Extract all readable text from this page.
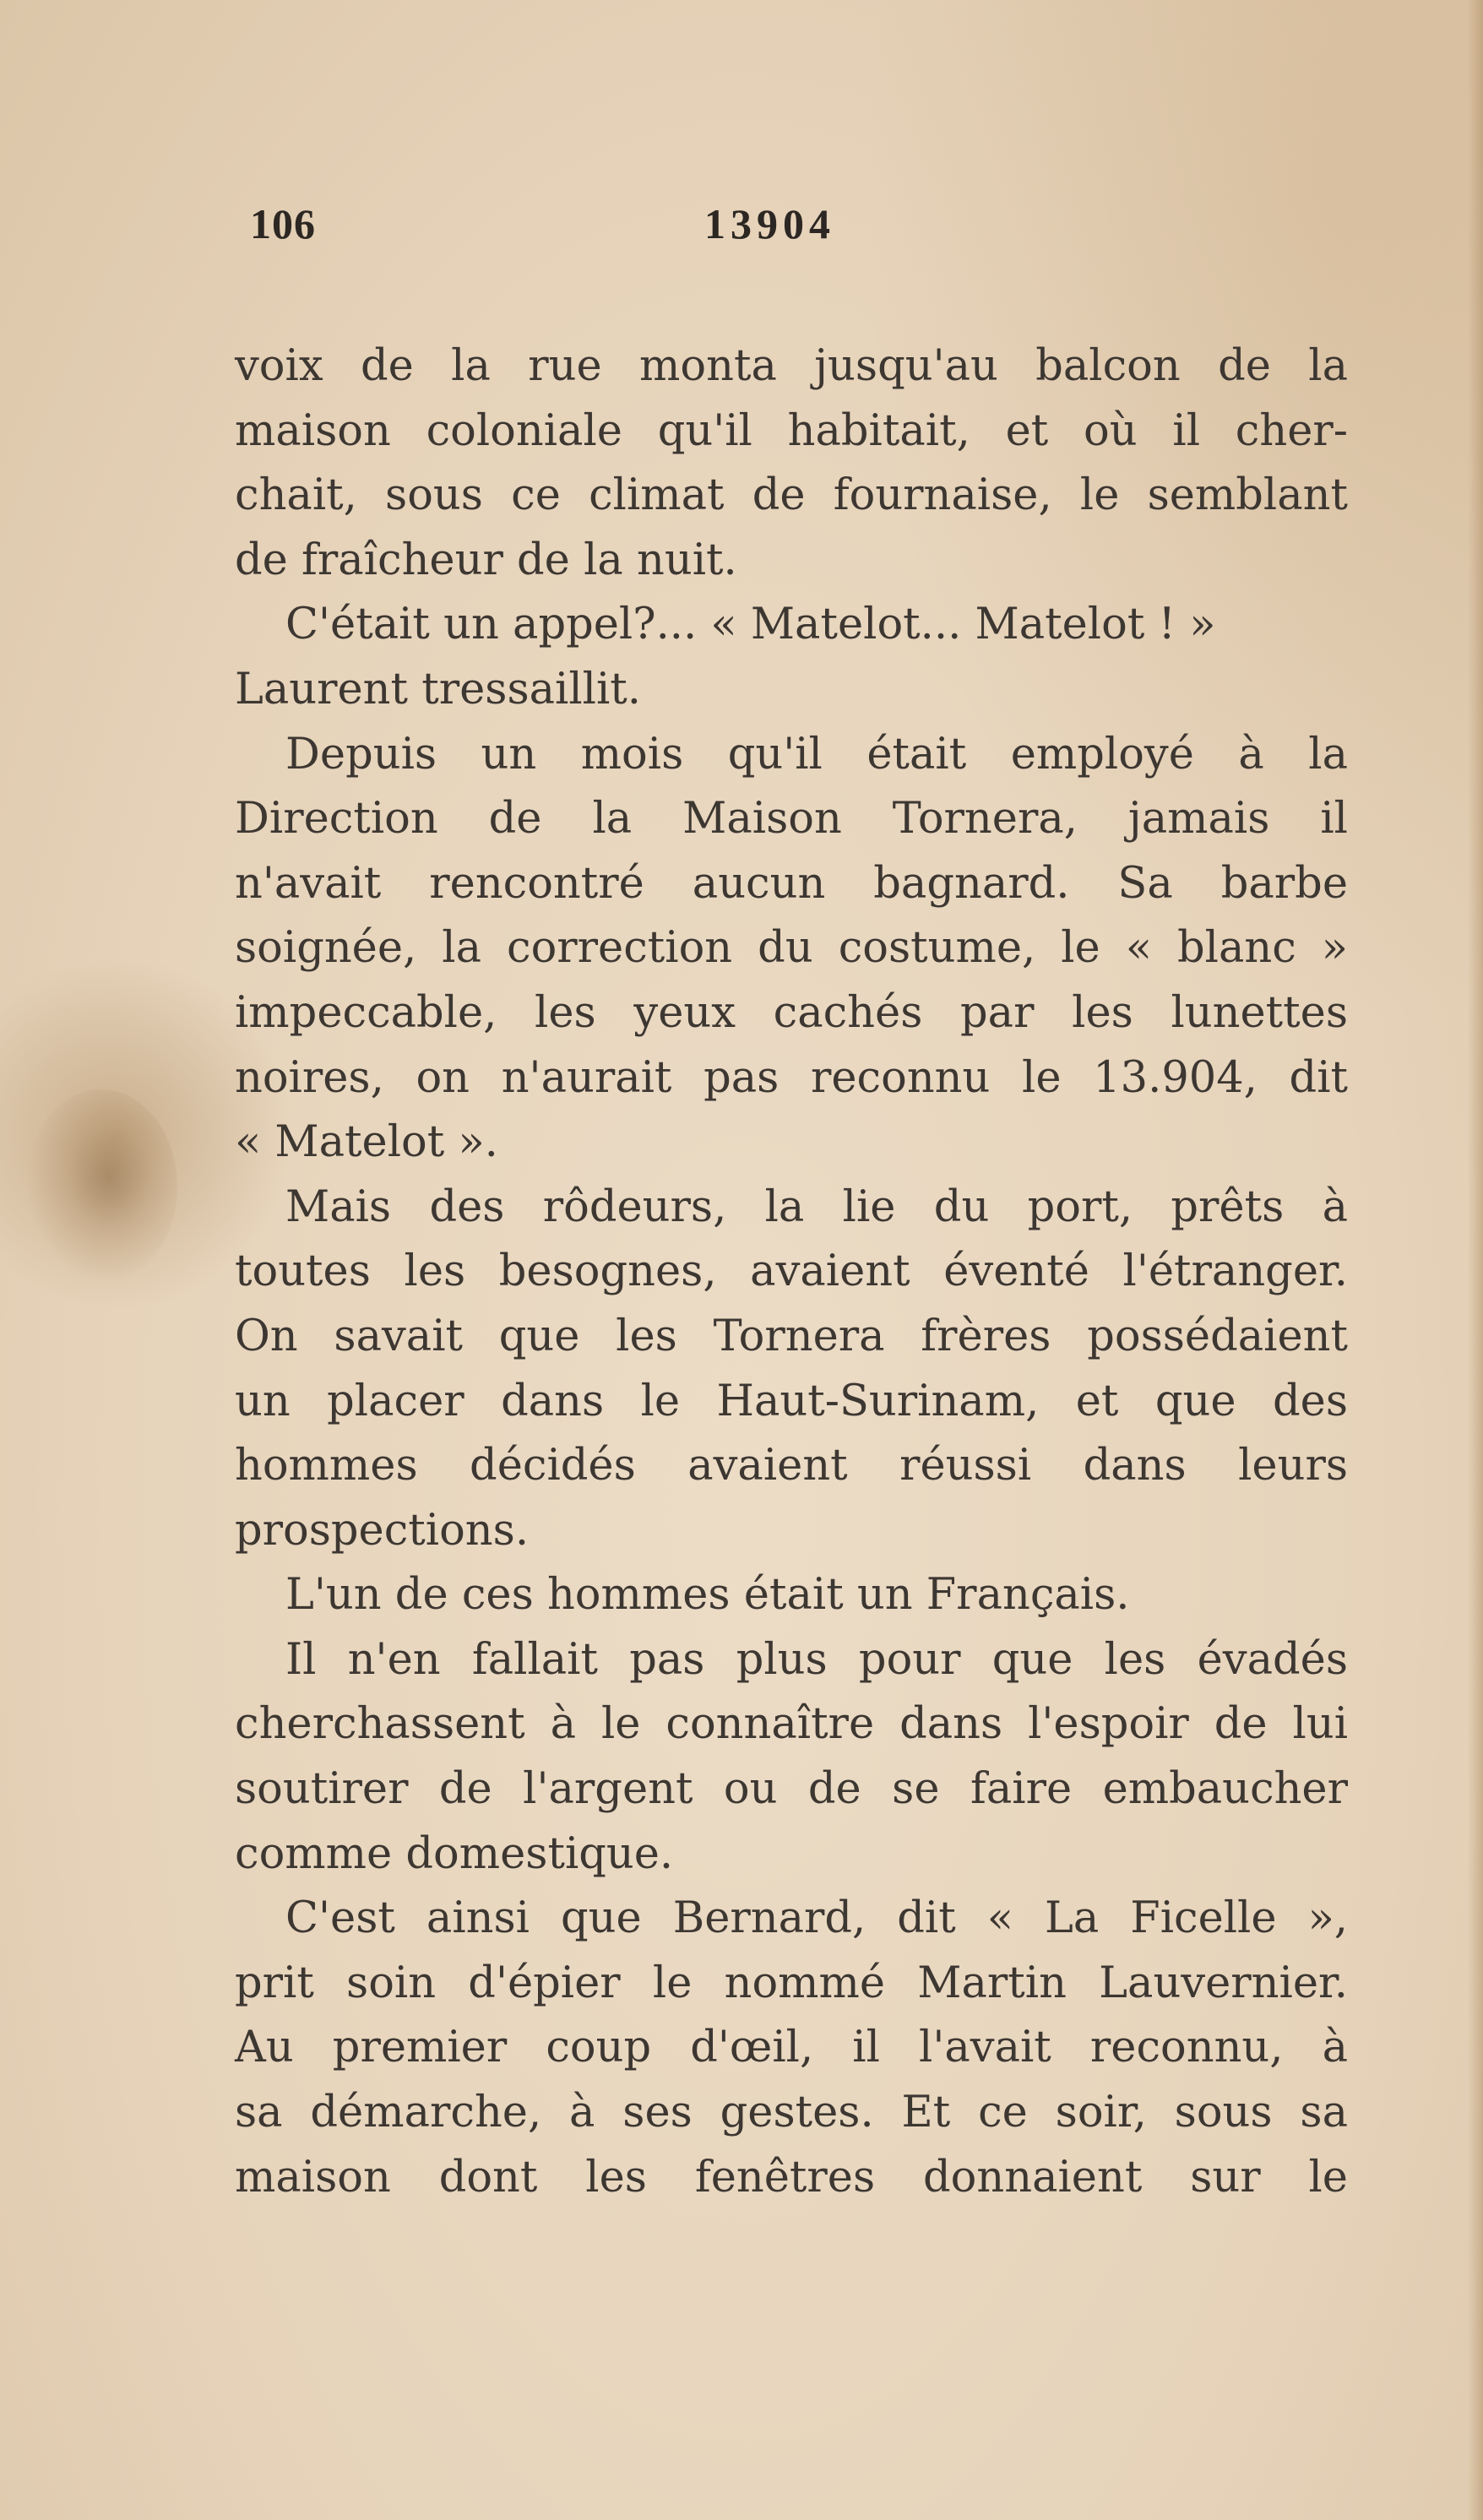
106	13904
voix de la rue monta jusqu'au balcon de la
maison coloniale qu'il habitait, et où il cher-
chait, sous ce climat de fournaise, le semblant
de fraîcheur de la nuit.
C'était un appel?... « Matelot... Matelot ! »
Laurent tressaillit.
Depuis un mois qu'il était employé à la
Direction de la Maison Tornera, jamais il
n'avait rencontré aucun bagnard. Sa barbe
soignée, la correction du costume, le « blanc »
impeccable, les yeux cachés par les lunettes
noires, on n'aurait pas reconnu le 13.904, dit
« Matelot ».
Mais des rôdeurs, la lie du port, prêts à
toutes les besognes, avaient éventé l'étranger.
On savait que les Tornera frères possédaient
un placer dans le Haut-Surinam, et que des
hommes décidés avaient réussi dans leurs
prospections.
L'un de ces hommes était un Français.
Il n'en fallait pas plus pour que les évadés
cherchassent à le connaître dans l'espoir de lui
soutirer de l'argent ou de se faire embaucher
comme domestique.
C'est ainsi que Bernard, dit « La Ficelle »,
prit soin d'épier le nommé Martin Lauvernier.
Au premier coup d'œil, il l'avait reconnu, à
sa démarche, à ses gestes. Et ce soir, sous sa
maison dont les fenêtres donnaient sur le
